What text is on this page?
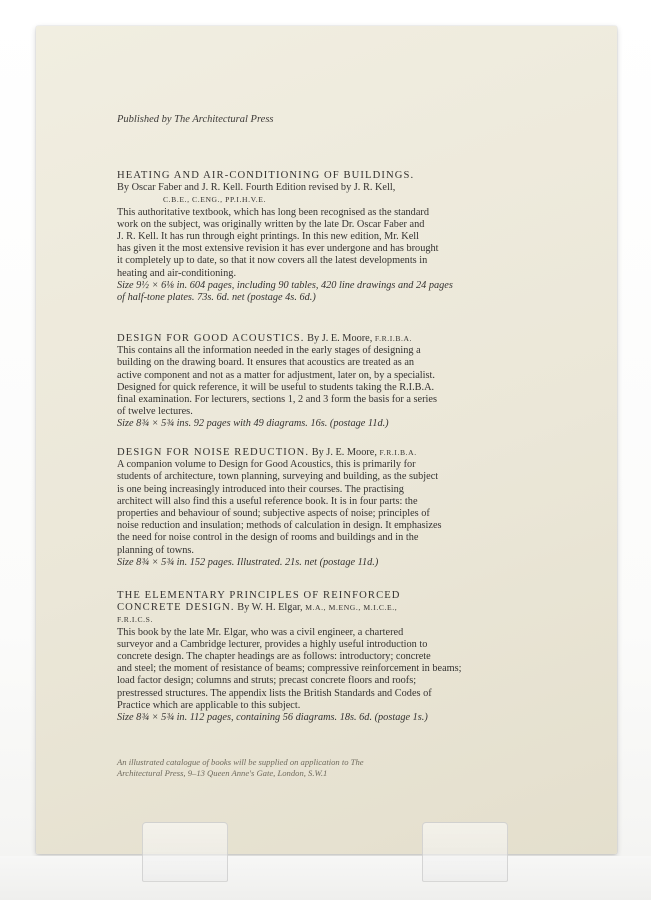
Published by The Architectural Press

HEATING AND AIR-CONDITIONING OF BUILDINGS.

By Oscar Faber and J. R. Kell. Fourth Edition revised by J. R. Kell,

C.B.E., C.ENG., PP.I.H.V.E.

This authoritative textbook, which has long been recognised as the standard

work on the subject, was originally written by the late Dr. Oscar Faber and

J. R. Kell. It has run through eight printings. In this new edition, Mr. Kell

has given it the most extensive revision it has ever undergone and has brought

it completely up to date, so that it now covers all the latest developments in

heating and air-conditioning.

Size 9½ × 6⅛ in. 604 pages, including 90 tables, 420 line drawings and 24 pages

of half-tone plates. 73s. 6d. net (postage 4s. 6d.)

DESIGN FOR GOOD ACOUSTICS. By J. E. Moore, F.R.I.B.A.

This contains all the information needed in the early stages of designing a

building on the drawing board. It ensures that acoustics are treated as an

active component and not as a matter for adjustment, later on, by a specialist.

Designed for quick reference, it will be useful to students taking the R.I.B.A.

final examination. For lecturers, sections 1, 2 and 3 form the basis for a series

of twelve lectures.

Size 8¾ × 5¾ ins. 92 pages with 49 diagrams. 16s. (postage 11d.)

DESIGN FOR NOISE REDUCTION. By J. E. Moore, F.R.I.B.A.

A companion volume to Design for Good Acoustics, this is primarily for

students of architecture, town planning, surveying and building, as the subject

is one being increasingly introduced into their courses. The practising

architect will also find this a useful reference book. It is in four parts: the

properties and behaviour of sound; subjective aspects of noise; principles of

noise reduction and insulation; methods of calculation in design. It emphasizes

the need for noise control in the design of rooms and buildings and in the

planning of towns.

Size 8¾ × 5¾ in. 152 pages. Illustrated. 21s. net (postage 11d.)

THE ELEMENTARY PRINCIPLES OF REINFORCED

CONCRETE DESIGN. By W. H. Elgar, M.A., M.ENG., M.I.C.E.,

F.R.I.C.S.

This book by the late Mr. Elgar, who was a civil engineer, a chartered

surveyor and a Cambridge lecturer, provides a highly useful introduction to

concrete design. The chapter headings are as follows: introductory; concrete

and steel; the moment of resistance of beams; compressive reinforcement in beams;

load factor design; columns and struts; precast concrete floors and roofs;

prestressed structures. The appendix lists the British Standards and Codes of

Practice which are applicable to this subject.

Size 8¾ × 5¾ in. 112 pages, containing 56 diagrams. 18s. 6d. (postage 1s.)

An illustrated catalogue of books will be supplied on application to The
Architectural Press, 9–13 Queen Anne's Gate, London, S.W.1
